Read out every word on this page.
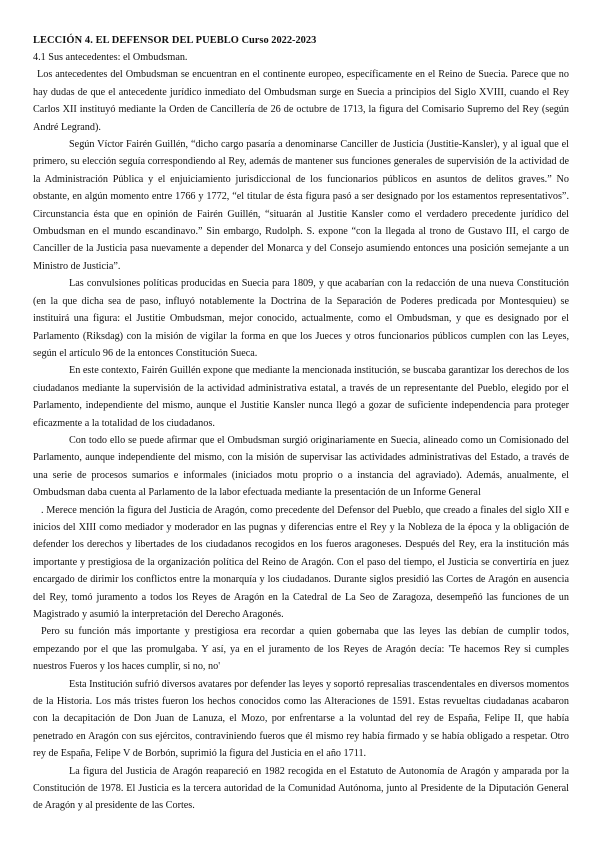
LECCIÓN 4. EL DEFENSOR DEL PUEBLO Curso 2022-2023

4.1 Sus antecedentes: el Ombudsman.

Los antecedentes del Ombudsman se encuentran en el continente europeo, específicamente en el Reino de Suecia. Parece que no hay dudas de que el antecedente jurídico inmediato del Ombudsman surge en Suecia a principios del Siglo XVIII, cuando el Rey Carlos XII instituyó mediante la Orden de Cancillería de 26 de octubre de 1713, la figura del Comisario Supremo del Rey (según André Legrand).

Según Víctor Fairén Guillén, “dicho cargo pasaría a denominarse Canciller de Justicia (Justitie-Kansler), y al igual que el primero, su elección seguía correspondiendo al Rey, además de mantener sus funciones generales de supervisión de la actividad de la Administración Pública y el enjuiciamiento jurisdiccional de los funcionarios públicos en asuntos de delitos graves.” No obstante, en algún momento entre 1766 y 1772, “el titular de ésta figura pasó a ser designado por los estamentos representativos”. Circunstancia ésta que en opinión de Fairén Guillén, “situarán al Justitie Kansler como el verdadero precedente jurídico del Ombudsman en el mundo escandinavo.” Sin embargo, Rudolph. S. expone “con la llegada al trono de Gustavo III, el cargo de Canciller de la Justicia pasa nuevamente a depender del Monarca y del Consejo asumiendo entonces una posición semejante a un Ministro de Justicia”.

Las convulsiones políticas producidas en Suecia para 1809, y que acabarían con la redacción de una nueva Constitución (en la que dicha sea de paso, influyó notablemente la Doctrina de la Separación de Poderes predicada por Montesquieu) se instituirá una figura: el Justitie Ombudsman, mejor conocido, actualmente, como el Ombudsman, y que es designado por el Parlamento (Riksdag) con la misión de vigilar la forma en que los Jueces y otros funcionarios públicos cumplen con las Leyes, según el artículo 96 de la entonces Constitución Sueca.

En este contexto, Fairén Guillén expone que mediante la mencionada institución, se buscaba garantizar los derechos de los ciudadanos mediante la supervisión de la actividad administrativa estatal, a través de un representante del Pueblo, elegido por el Parlamento, independiente del mismo, aunque el Justitie Kansler nunca llegó a gozar de suficiente independencia para proteger eficazmente a la totalidad de los ciudadanos.

Con todo ello se puede afirmar que el Ombudsman surgió originariamente en Suecia, alineado como un Comisionado del Parlamento, aunque independiente del mismo, con la misión de supervisar las actividades administrativas del Estado, a través de una serie de procesos sumarios e informales (iniciados motu proprio o a instancia del agraviado). Además, anualmente, el Ombudsman daba cuenta al Parlamento de la labor efectuada mediante la presentación de un Informe General

. Merece mención la figura del Justicia de Aragón, como precedente del Defensor del Pueblo, que creado a finales del siglo XII e inicios del XIII como mediador y moderador en las pugnas y diferencias entre el Rey y la Nobleza de la época y la obligación de defender los derechos y libertades de los ciudadanos recogidos en los fueros aragoneses. Después del Rey, era la institución más importante y prestigiosa de la organización política del Reino de Aragón. Con el paso del tiempo, el Justicia se convertiría en juez encargado de dirimir los conflictos entre la monarquía y los ciudadanos. Durante siglos presidió las Cortes de Aragón en ausencia del Rey, tomó juramento a todos los Reyes de Aragón en la Catedral de La Seo de Zaragoza, desempeñó las funciones de un Magistrado y asumió la interpretación del Derecho Aragonés.

Pero su función más importante y prestigiosa era recordar a quien gobernaba que las leyes las debían de cumplir todos, empezando por el que las promulgaba. Y así, ya en el juramento de los Reyes de Aragón decía: 'Te hacemos Rey si cumples nuestros Fueros y los haces cumplir, si no, no'

Esta Institución sufrió diversos avatares por defender las leyes y soportó represalias trascendentales en diversos momentos de la Historia. Los más tristes fueron los hechos conocidos como las Alteraciones de 1591. Estas revueltas ciudadanas acabaron con la decapitación de Don Juan de Lanuza, el Mozo, por enfrentarse a la voluntad del rey de España, Felipe II, que había penetrado en Aragón con sus ejércitos, contraviniendo fueros que él mismo rey había firmado y se había obligado a respetar. Otro rey de España, Felipe V de Borbón, suprimió la figura del Justicia en el año 1711.

La figura del Justicia de Aragón reapareció en 1982 recogida en el Estatuto de Autonomía de Aragón y amparada por la Constitución de 1978. El Justicia es la tercera autoridad de la Comunidad Autónoma, junto al Presidente de la Diputación General de Aragón y al presidente de las Cortes.
